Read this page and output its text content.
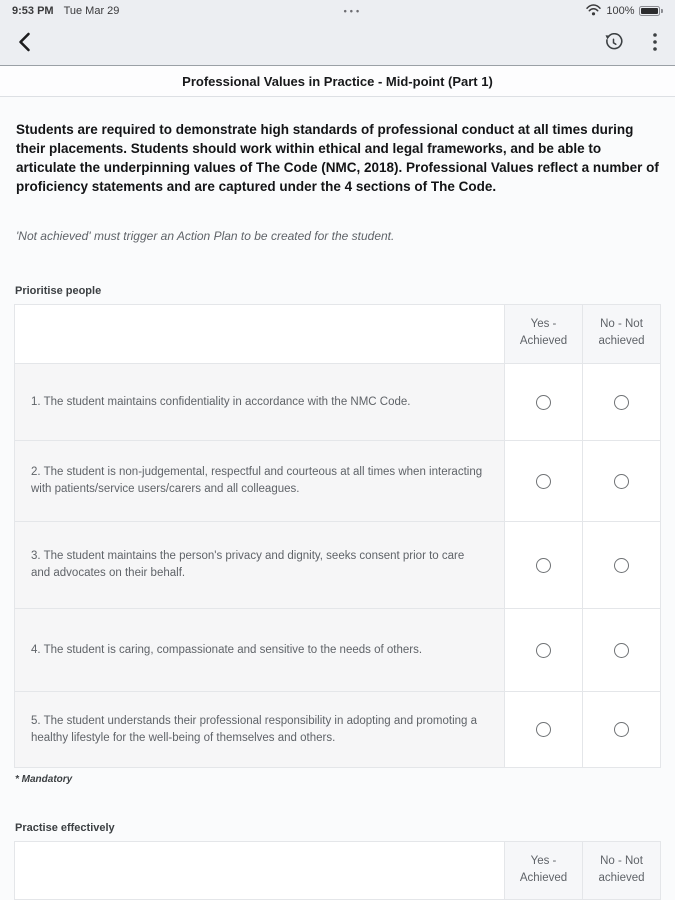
9:53 PM Tue Mar 29	•••	100%
Professional Values in Practice - Mid-point (Part 1)

Students are required to demonstrate high standards of professional conduct at all times during their placements. Students should work within ethical and legal frameworks, and be able to articulate the underpinning values of The Code (NMC, 2018). Professional Values reflect a number of proficiency statements and are captured under the 4 sections of The Code.

'Not achieved' must trigger an Action Plan to be created for the student.

Prioritise people
Yes - Achieved
No - Not achieved
1. The student maintains confidentiality in accordance with the NMC Code.
2. The student is non-judgemental, respectful and courteous at all times when interacting with patients/service users/carers and all colleagues.
3. The student maintains the person's privacy and dignity, seeks consent prior to care and advocates on their behalf.
4. The student is caring, compassionate and sensitive to the needs of others.
5. The student understands their professional responsibility in adopting and promoting a healthy lifestyle for the well-being of themselves and others.
* Mandatory
Practise effectively
Yes - Achieved
No - Not achieved
